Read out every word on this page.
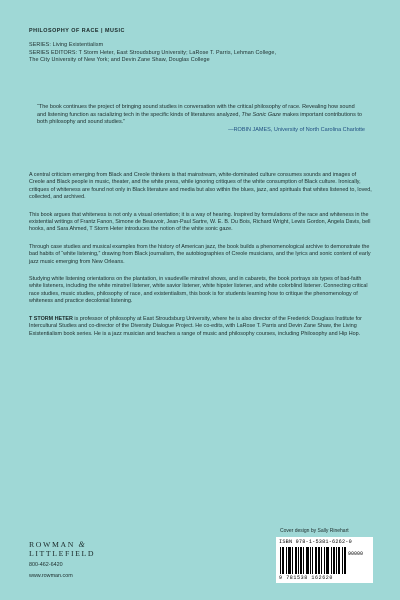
PHILOSOPHY OF RACE | MUSIC
SERIES: Living Existentialism
SERIES EDITORS: T Storm Heter, East Stroudsburg University; LaRose T. Parris, Lehman College,
The City University of New York; and Devin Zane Shaw, Douglas College

“The book continues the project of bringing sound studies in conversation with the critical philosophy of race. Revealing how sound and listening function as racializing tech in the specific kinds of literatures analyzed, The Sonic Gaze makes important contributions to both philosophy and sound studies.”

—ROBIN JAMES, University of North Carolina Charlotte

A central criticism emerging from Black and Creole thinkers is that mainstream, white-dominated culture consumes sounds and images of Creole and Black people in music, theater, and the white press, while ignoring critiques of the white consumption of Black culture. Ironically, critiques of whiteness are found not only in Black literature and media but also within the blues, jazz, and spirituals that whites listened to, loved, collected, and archived.

This book argues that whiteness is not only a visual orientation; it is a way of hearing. Inspired by formulations of the race and whiteness in the existential writings of Frantz Fanon, Simone de Beauvoir, Jean-Paul Sartre, W. E. B. Du Bois, Richard Wright, Lewis Gordon, Angela Davis, bell hooks, and Sara Ahmed, T Storm Heter introduces the notion of the white sonic gaze.

Through case studies and musical examples from the history of American jazz, the book builds a phenomenological archive to demonstrate the bad habits of “white listening,” drawing from Black journalism, the autobiographies of Creole musicians, and the lyrics and sonic content of early jazz music emerging from New Orleans.

Studying white listening orientations on the plantation, in vaudeville minstrel shows, and in cabarets, the book portrays six types of bad-faith white listeners, including the white minstrel listener, white savior listener, white hipster listener, and white colorblind listener. Connecting critical race studies, music studies, philosophy of race, and existentialism, this book is for students learning how to critique the phenomenology of whiteness and practice decolonial listening.

T STORM HETER is professor of philosophy at East Stroudsburg University, where he is also director of the Frederick Douglass Institute for Intercultural Studies and co-director of the Diversity Dialogue Project. He co-edits, with LaRose T. Parris and Devin Zane Shaw, the Living Existentialism book series. He is a jazz musician and teaches a range of music and philosophy courses, including Philosophy and Hip Hop.

Cover design by Sally Rinehart
ROWMAN &
LITTLEFIELD
800-462-6420
www.rowman.com
ISBN 978-1-5381-6262-0
90000
9 781538 162620
